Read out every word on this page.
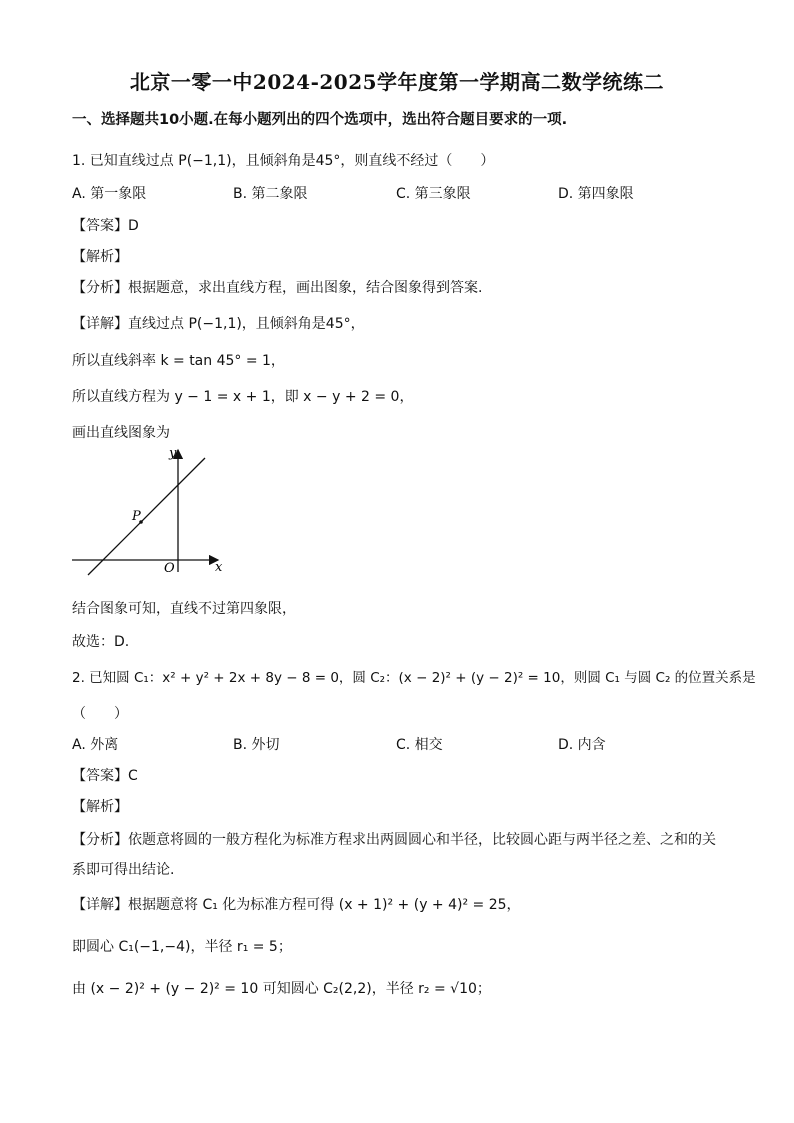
北京一零一中2024-2025学年度第一学期高二数学统练二
一、选择题共10小题.在每小题列出的四个选项中，选出符合题目要求的一项.
1. 已知直线过点 P(−1,1)，且倾斜角是45°，则直线不经过（　　）
A. 第一象限	B. 第二象限	C. 第三象限	D. 第四象限
【答案】D
【解析】
【分析】根据题意，求出直线方程，画出图象，结合图象得到答案.
【详解】直线过点 P(−1,1)，且倾斜角是45°，
所以直线斜率 k = tan 45° = 1，
所以直线方程为 y − 1 = x + 1，即 x − y + 2 = 0，
画出直线图象为
P
y
x
O
结合图象可知，直线不过第四象限，
故选：D.
2. 已知圆 C₁：x² + y² + 2x + 8y − 8 = 0，圆 C₂：(x − 2)² + (y − 2)² = 10，则圆 C₁ 与圆 C₂ 的位置关系是
（　　）
A. 外离	B. 外切	C. 相交	D. 内含
【答案】C
【解析】
【分析】依题意将圆的一般方程化为标准方程求出两圆圆心和半径，比较圆心距与两半径之差、之和的关
系即可得出结论.
【详解】根据题意将 C₁ 化为标准方程可得 (x + 1)² + (y + 4)² = 25，
即圆心 C₁(−1,−4)，半径 r₁ = 5；
由 (x − 2)² + (y − 2)² = 10 可知圆心 C₂(2,2)，半径 r₂ = √10；
